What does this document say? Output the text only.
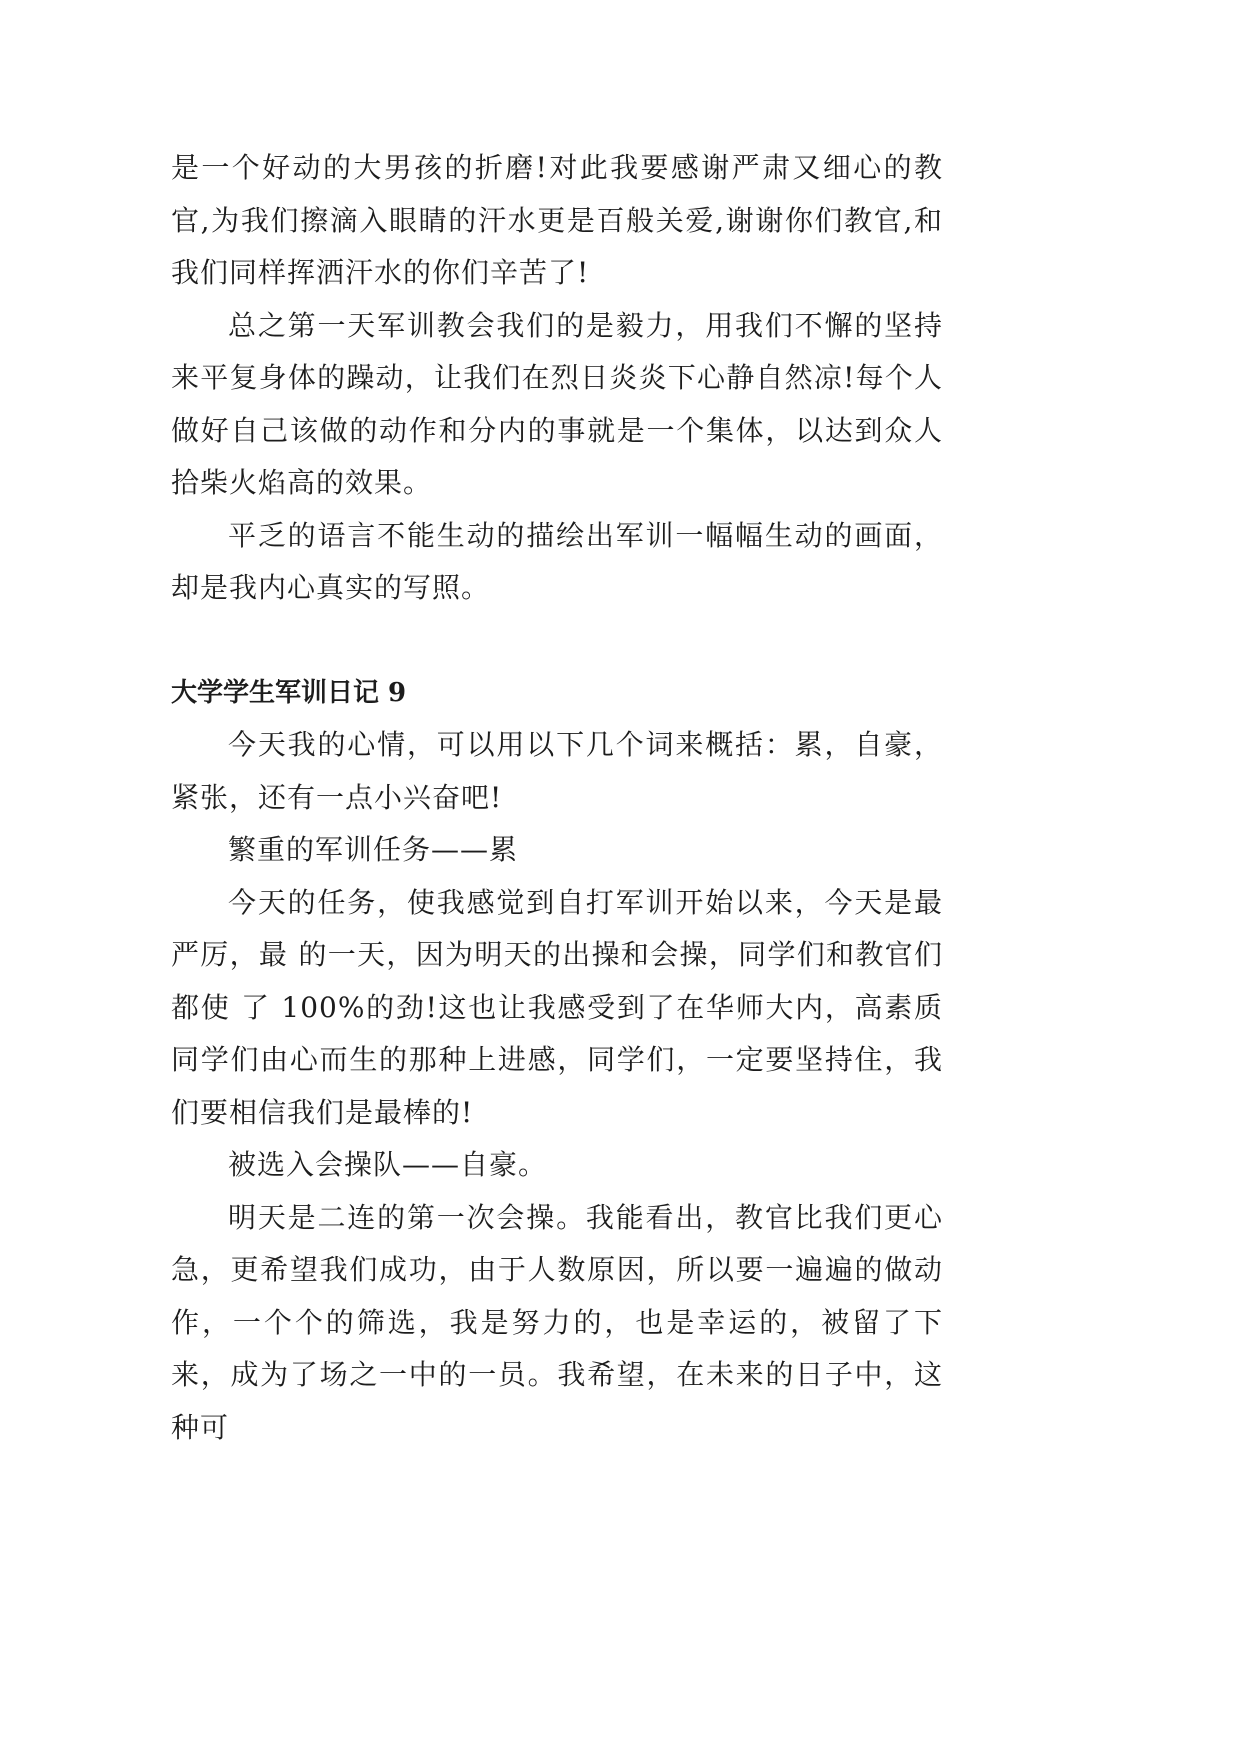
是一个好动的大男孩的折磨!对此我要感谢严肃又细心的教官,为我们擦滴入眼睛的汗水更是百般关爱,谢谢你们教官,和我们同样挥洒汗水的你们辛苦了!

总之第一天军训教会我们的是毅力，用我们不懈的坚持来平复身体的躁动，让我们在烈日炎炎下心静自然凉!每个人做好自己该做的动作和分内的事就是一个集体，以达到众人拾柴火焰高的效果。

平乏的语言不能生动的描绘出军训一幅幅生动的画面，却是我内心真实的写照。

大学学生军训日记 9

今天我的心情，可以用以下几个词来概括：累，自豪，紧张，还有一点小兴奋吧!

繁重的军训任务——累

今天的任务，使我感觉到自打军训开始以来，今天是最严厉，最 的一天，因为明天的出操和会操，同学们和教官们都使 了 100%的劲!这也让我感受到了在华师大内，高素质同学们由心而生的那种上进感，同学们，一定要坚持住，我们要相信我们是最棒的!

被选入会操队——自豪。

明天是二连的第一次会操。我能看出，教官比我们更心急，更希望我们成功，由于人数原因，所以要一遍遍的做动作，一个个的筛选，我是努力的，也是幸运的，被留了下来，成为了场之一中的一员。我希望，在未来的日子中，这种可
